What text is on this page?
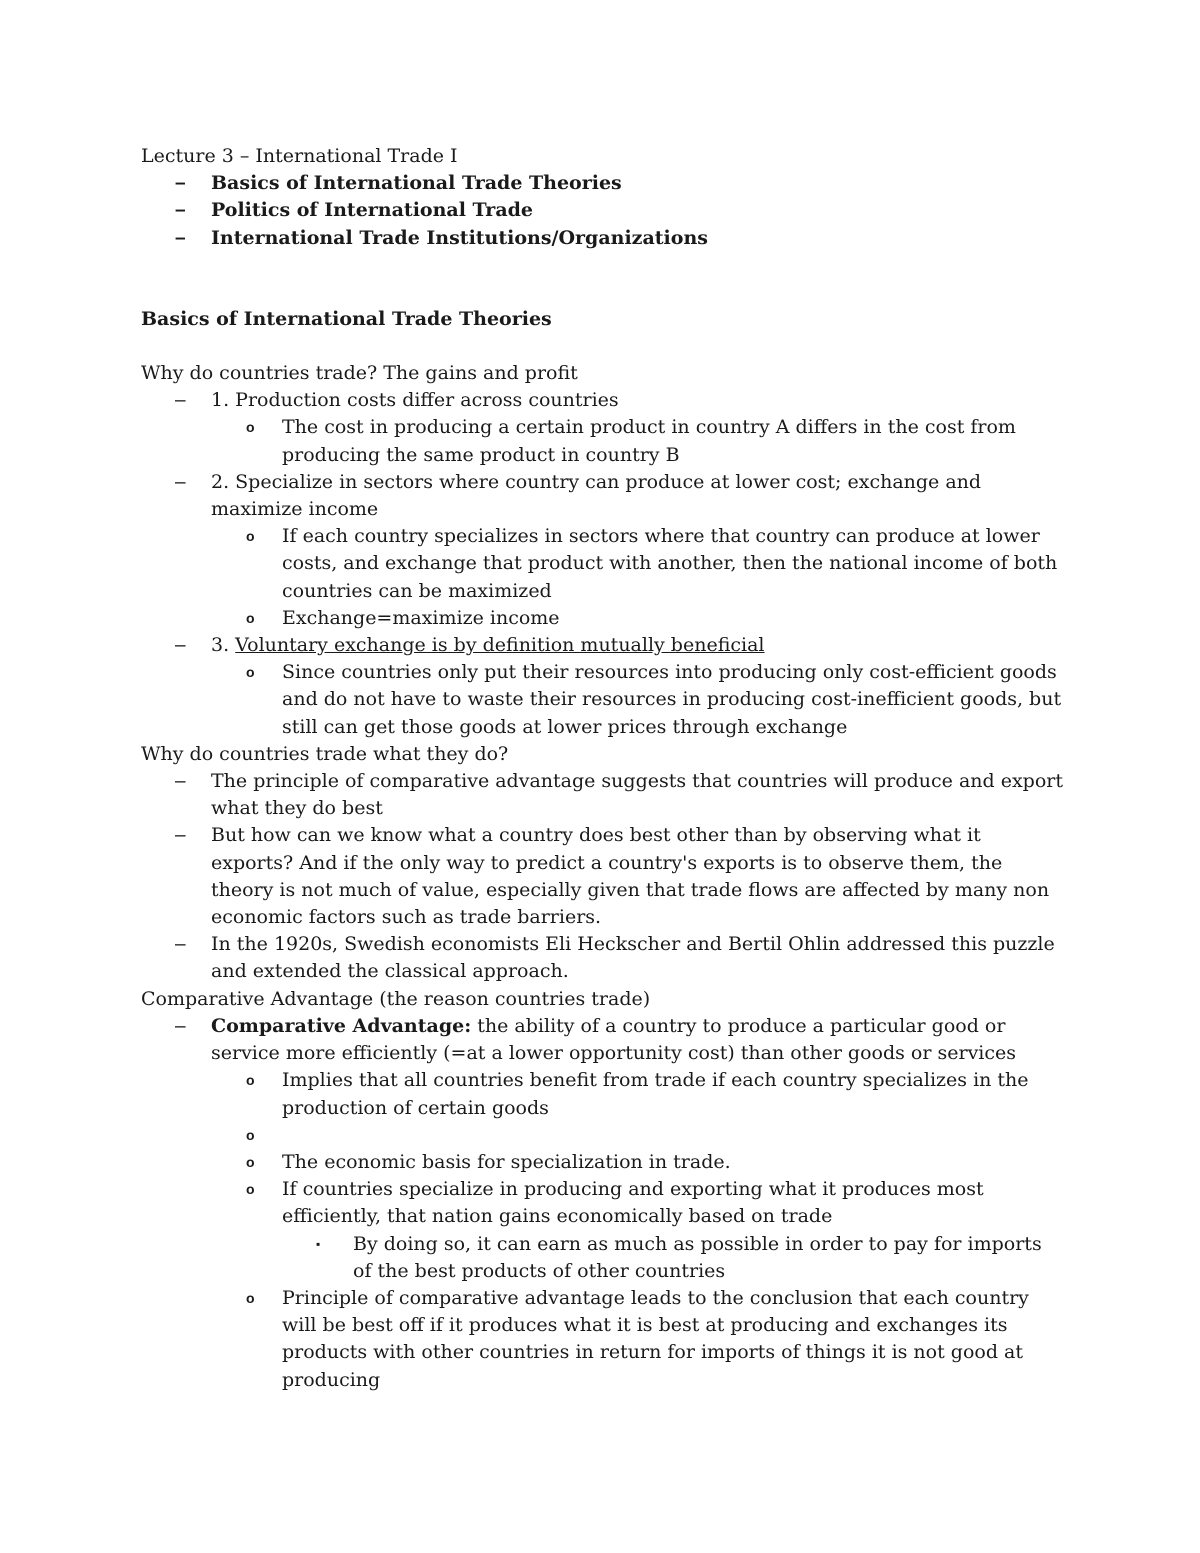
Lecture 3 – International Trade I
– Basics of International Trade Theories
– Politics of International Trade
– International Trade Institutions/Organizations
Basics of International Trade Theories
Why do countries trade? The gains and profit
– 1. Production costs differ across countries
o The cost in producing a certain product in country A differs in the cost from producing the same product in country B
– 2. Specialize in sectors where country can produce at lower cost; exchange and maximize income
o If each country specializes in sectors where that country can produce at lower costs, and exchange that product with another, then the national income of both countries can be maximized
o Exchange=maximize income
– 3. Voluntary exchange is by definition mutually beneficial
o Since countries only put their resources into producing only cost-efficient goods and do not have to waste their resources in producing cost-inefficient goods, but still can get those goods at lower prices through exchange
Why do countries trade what they do?
– The principle of comparative advantage suggests that countries will produce and export what they do best
– But how can we know what a country does best other than by observing what it exports? And if the only way to predict a country's exports is to observe them, the theory is not much of value, especially given that trade flows are affected by many non economic factors such as trade barriers.
– In the 1920s, Swedish economists Eli Heckscher and Bertil Ohlin addressed this puzzle and extended the classical approach.
Comparative Advantage (the reason countries trade)
– Comparative Advantage: the ability of a country to produce a particular good or service more efficiently (=at a lower opportunity cost) than other goods or services
o Implies that all countries benefit from trade if each country specializes in the production of certain goods
o
o The economic basis for specialization in trade.
o If countries specialize in producing and exporting what it produces most efficiently, that nation gains economically based on trade
▪ By doing so, it can earn as much as possible in order to pay for imports of the best products of other countries
o Principle of comparative advantage leads to the conclusion that each country will be best off if it produces what it is best at producing and exchanges its products with other countries in return for imports of things it is not good at producing
